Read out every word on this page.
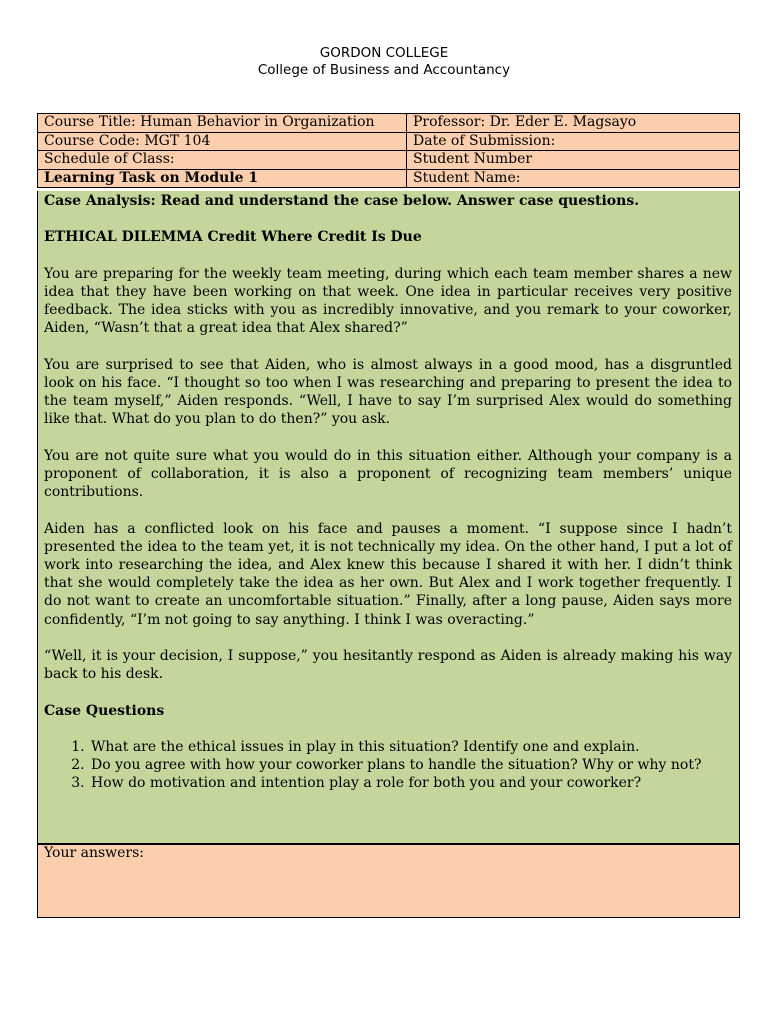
GORDON COLLEGE
College of Business and Accountancy
Course Title: Human Behavior in Organization	Professor: Dr. Eder E. Magsayo
Course Code: MGT 104	Date of Submission:
Schedule of Class:	Student Number
Learning Task on Module 1	Student Name:

Case Analysis: Read and understand the case below. Answer case questions.

ETHICAL DILEMMA Credit Where Credit Is Due

You are preparing for the weekly team meeting, during which each team member shares a new idea that they have been working on that week. One idea in particular receives very positive feedback. The idea sticks with you as incredibly innovative, and you remark to your coworker, Aiden, “Wasn’t that a great idea that Alex shared?”

You are surprised to see that Aiden, who is almost always in a good mood, has a disgruntled look on his face. “I thought so too when I was researching and preparing to present the idea to the team myself,” Aiden responds. “Well, I have to say I’m surprised Alex would do something like that. What do you plan to do then?” you ask.

You are not quite sure what you would do in this situation either. Although your company is a proponent of collaboration, it is also a proponent of recognizing team members’ unique contributions.

Aiden has a conflicted look on his face and pauses a moment. “I suppose since I hadn’t presented the idea to the team yet, it is not technically my idea. On the other hand, I put a lot of work into researching the idea, and Alex knew this because I shared it with her. I didn’t think that she would completely take the idea as her own. But Alex and I work together frequently. I do not want to create an uncomfortable situation.” Finally, after a long pause, Aiden says more confidently, “I’m not going to say anything. I think I was overacting.”

“Well, it is your decision, I suppose,” you hesitantly respond as Aiden is already making his way back to his desk.

Case Questions

1. What are the ethical issues in play in this situation? Identify one and explain.
2. Do you agree with how your coworker plans to handle the situation? Why or why not?
3. How do motivation and intention play a role for both you and your coworker?
Your answers:
